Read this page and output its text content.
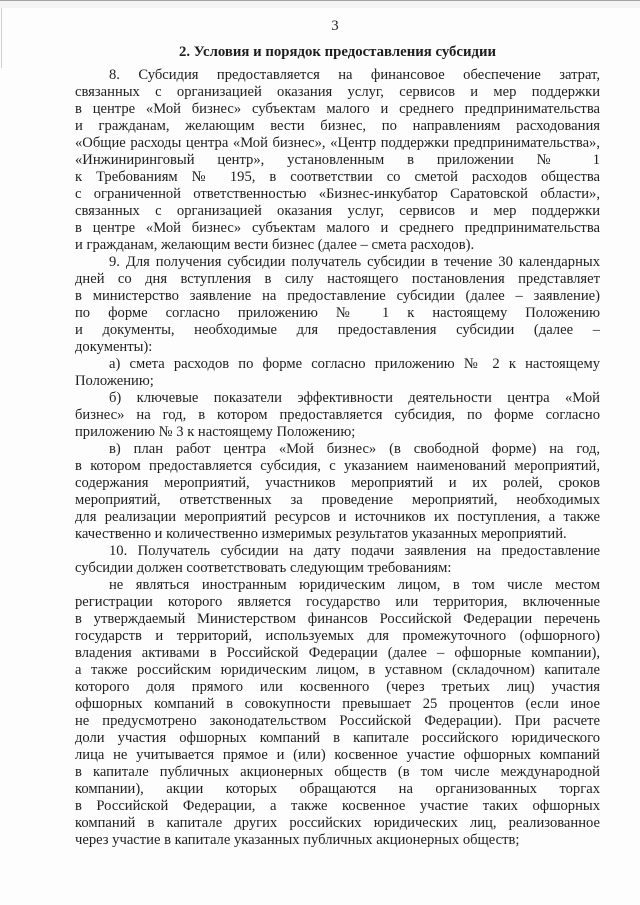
3
2. Условия и порядок предоставления субсидии
8. Субсидия предоставляется на финансовое обеспечение затрат,
связанных с организацией оказания услуг, сервисов и мер поддержки
в центре «Мой бизнес» субъектам малого и среднего предпринимательства
и гражданам, желающим вести бизнес, по направлениям расходования
«Общие расходы центра «Мой бизнес», «Центр поддержки предпринимательства»,
«Инжиниринговый центр», установленным в приложении № 1
к Требованиям № 195, в соответствии со сметой расходов общества
с ограниченной ответственностью «Бизнес-инкубатор Саратовской области»,
связанных с организацией оказания услуг, сервисов и мер поддержки
в центре «Мой бизнес» субъектам малого и среднего предпринимательства
и гражданам, желающим вести бизнес (далее – смета расходов).
9. Для получения субсидии получатель субсидии в течение 30 календарных
дней со дня вступления в силу настоящего постановления представляет
в министерство заявление на предоставление субсидии (далее – заявление)
по форме согласно приложению № 1 к настоящему Положению
и документы, необходимые для предоставления субсидии (далее –
документы):
а) смета расходов по форме согласно приложению № 2 к настоящему
Положению;
б) ключевые показатели эффективности деятельности центра «Мой
бизнес» на год, в котором предоставляется субсидия, по форме согласно
приложению № 3 к настоящему Положению;
в) план работ центра «Мой бизнес» (в свободной форме) на год,
в котором предоставляется субсидия, с указанием наименований мероприятий,
содержания мероприятий, участников мероприятий и их ролей, сроков
мероприятий, ответственных за проведение мероприятий, необходимых
для реализации мероприятий ресурсов и источников их поступления, а также
качественно и количественно измеримых результатов указанных мероприятий.
10. Получатель субсидии на дату подачи заявления на предоставление
субсидии должен соответствовать следующим требованиям:
не являться иностранным юридическим лицом, в том числе местом
регистрации которого является государство или территория, включенные
в утверждаемый Министерством финансов Российской Федерации перечень
государств и территорий, используемых для промежуточного (офшорного)
владения активами в Российской Федерации (далее – офшорные компании),
а также российским юридическим лицом, в уставном (складочном) капитале
которого доля прямого или косвенного (через третьих лиц) участия
офшорных компаний в совокупности превышает 25 процентов (если иное
не предусмотрено законодательством Российской Федерации). При расчете
доли участия офшорных компаний в капитале российского юридического
лица не учитывается прямое и (или) косвенное участие офшорных компаний
в капитале публичных акционерных обществ (в том числе международной
компании), акции которых обращаются на организованных торгах
в Российской Федерации, а также косвенное участие таких офшорных
компаний в капитале других российских юридических лиц, реализованное
через участие в капитале указанных публичных акционерных обществ;
